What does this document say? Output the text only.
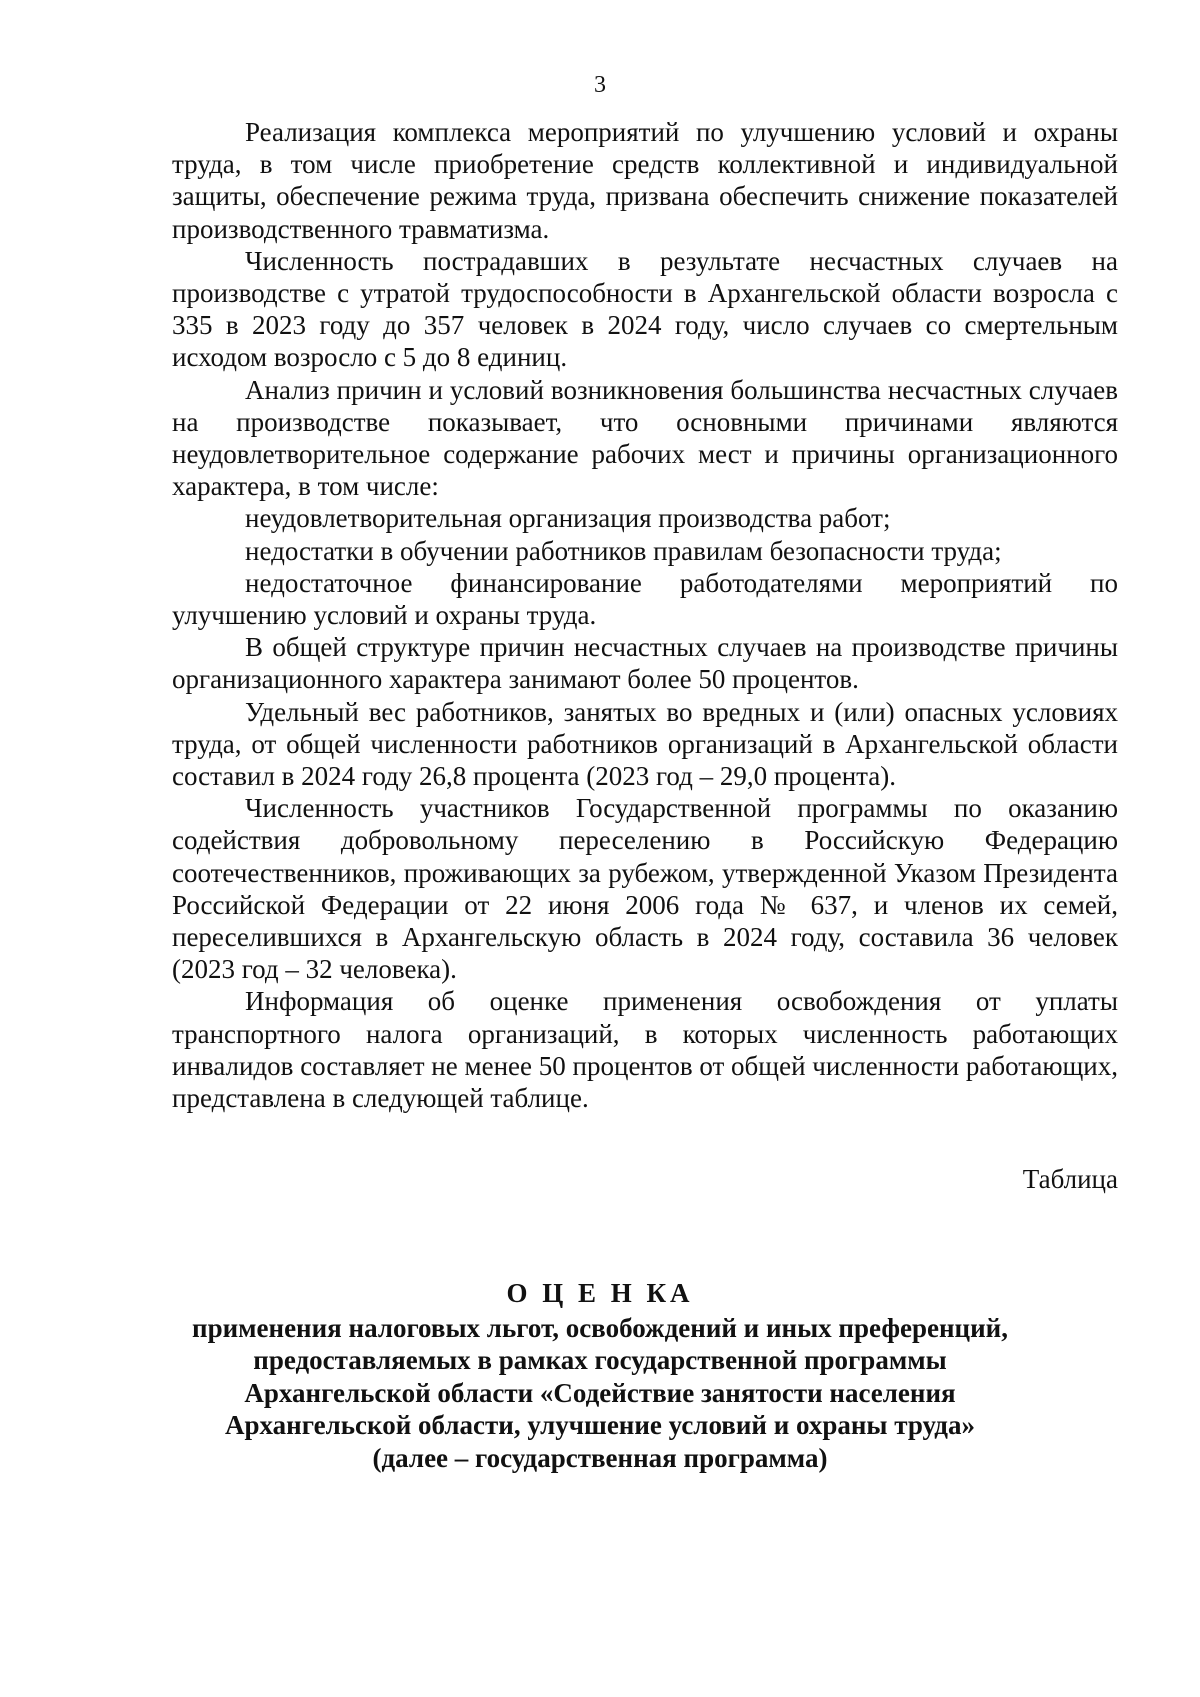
3

Реализация комплекса мероприятий по улучшению условий и охраны труда, в том числе приобретение средств коллективной и индивидуальной защиты, обеспечение режима труда, призвана обеспечить снижение показателей производственного травматизма.

Численность пострадавших в результате несчастных случаев на производстве с утратой трудоспособности в Архангельской области возросла с 335 в 2023 году до 357 человек в 2024 году, число случаев со смертельным исходом возросло с 5 до 8 единиц.

Анализ причин и условий возникновения большинства несчастных случаев на производстве показывает, что основными причинами являются неудовлетворительное содержание рабочих мест и причины организационного характера, в том числе:

неудовлетворительная организация производства работ;

недостатки в обучении работников правилам безопасности труда;

недостаточное финансирование работодателями мероприятий по улучшению условий и охраны труда.

В общей структуре причин несчастных случаев на производстве причины организационного характера занимают более 50 процентов.

Удельный вес работников, занятых во вредных и (или) опасных условиях труда, от общей численности работников организаций в Архангельской области составил в 2024 году 26,8 процента (2023 год – 29,0 процента).

Численность участников Государственной программы по оказанию содействия добровольному переселению в Российскую Федерацию соотечественников, проживающих за рубежом, утвержденной Указом Президента Российской Федерации от 22 июня 2006 года № 637, и членов их семей, переселившихся в Архангельскую область в 2024 году, составила 36 человек (2023 год – 32 человека).

Информация об оценке применения освобождения от уплаты транспортного налога организаций, в которых численность работающих инвалидов составляет не менее 50 процентов от общей численности работающих, представлена в следующей таблице.

Таблица
О Ц Е Н КА

применения налоговых льгот, освобождений и иных преференций,

предоставляемых в рамках государственной программы

Архангельской области «Содействие занятости населения

Архангельской области, улучшение условий и охраны труда»

(далее – государственная программа)
